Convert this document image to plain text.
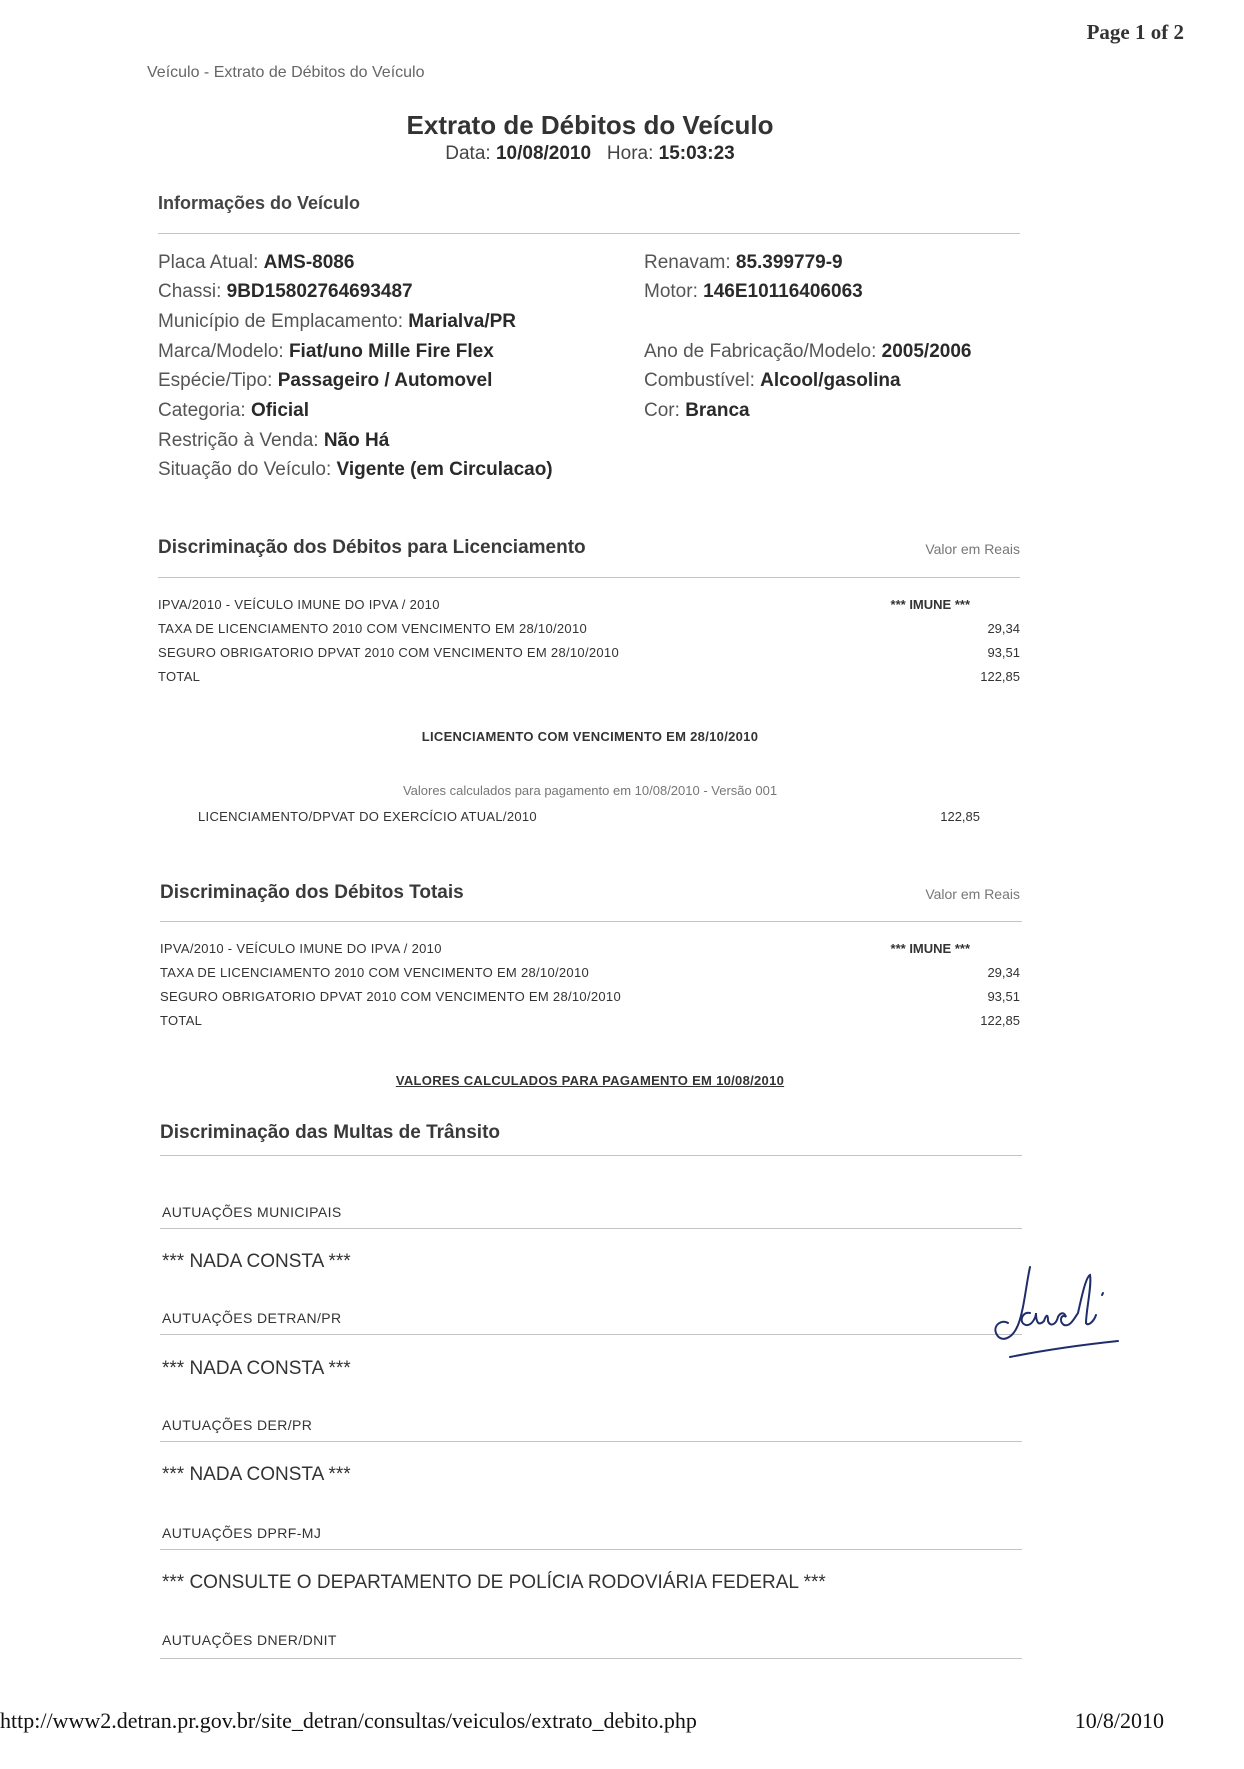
Page 1 of 2
Veículo - Extrato de Débitos do Veículo
Extrato de Débitos do Veículo
Data: 10/08/2010 Hora: 15:03:23
Informações do Veículo
Placa Atual: AMS-8086
Chassi: 9BD15802764693487
Município de Emplacamento: Marialva/PR
Marca/Modelo: Fiat/uno Mille Fire Flex
Espécie/Tipo: Passageiro / Automovel
Categoria: Oficial
Restrição à Venda: Não Há
Situação do Veículo: Vigente (em Circulacao)
Renavam: 85.399779-9
Motor: 146E10116406063
Ano de Fabricação/Modelo: 2005/2006
Combustível: Alcool/gasolina
Cor: Branca
Discriminação dos Débitos para Licenciamento	Valor em Reais
IPVA/2010 - VEÍCULO IMUNE DO IPVA / 2010	*** IMUNE ***
TAXA DE LICENCIAMENTO 2010 COM VENCIMENTO EM 28/10/2010	29,34
SEGURO OBRIGATORIO DPVAT 2010 COM VENCIMENTO EM 28/10/2010	93,51
TOTAL	122,85
LICENCIAMENTO COM VENCIMENTO EM 28/10/2010
Valores calculados para pagamento em 10/08/2010 - Versão 001
LICENCIAMENTO/DPVAT DO EXERCÍCIO ATUAL/2010	122,85
Discriminação dos Débitos Totais	Valor em Reais
IPVA/2010 - VEÍCULO IMUNE DO IPVA / 2010	*** IMUNE ***
TAXA DE LICENCIAMENTO 2010 COM VENCIMENTO EM 28/10/2010	29,34
SEGURO OBRIGATORIO DPVAT 2010 COM VENCIMENTO EM 28/10/2010	93,51
TOTAL	122,85
VALORES CALCULADOS PARA PAGAMENTO EM 10/08/2010
Discriminação das Multas de Trânsito
AUTUAÇÕES MUNICIPAIS
*** NADA CONSTA ***
AUTUAÇÕES DETRAN/PR
*** NADA CONSTA ***
AUTUAÇÕES DER/PR
*** NADA CONSTA ***
AUTUAÇÕES DPRF-MJ
*** CONSULTE O DEPARTAMENTO DE POLÍCIA RODOVIÁRIA FEDERAL ***
AUTUAÇÕES DNER/DNIT
http://www2.detran.pr.gov.br/site_detran/consultas/veiculos/extrato_debito.php	10/8/2010
